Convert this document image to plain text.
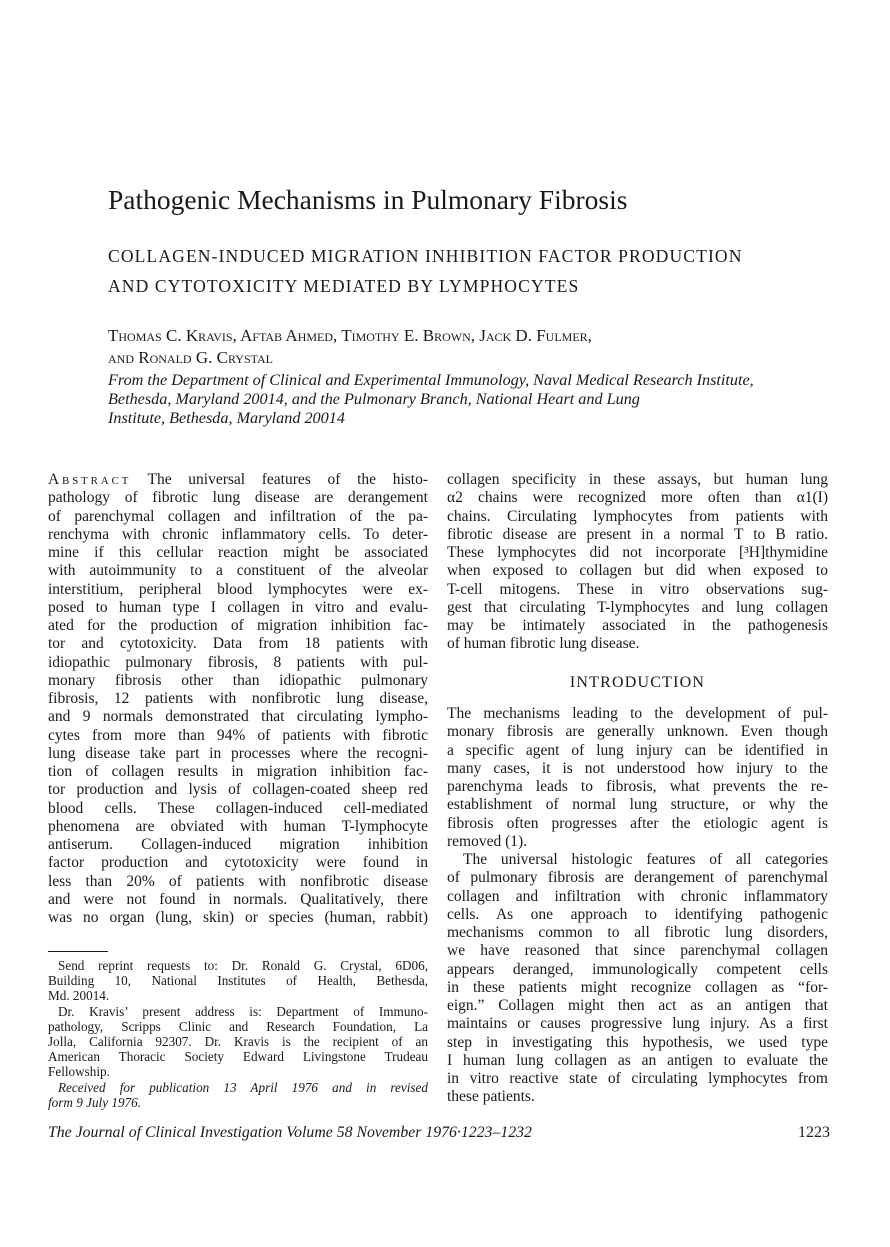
Pathogenic Mechanisms in Pulmonary Fibrosis
COLLAGEN-INDUCED MIGRATION INHIBITION FACTOR PRODUCTION
AND CYTOTOXICITY MEDIATED BY LYMPHOCYTES
Thomas C. Kravis, Aftab Ahmed, Timothy E. Brown, Jack D. Fulmer,
and Ronald G. Crystal
From the Department of Clinical and Experimental Immunology, Naval Medical Research Institute,
Bethesda, Maryland 20014, and the Pulmonary Branch, National Heart and Lung
Institute, Bethesda, Maryland 20014
Abstract The universal features of the histo-
pathology of fibrotic lung disease are derangement
of parenchymal collagen and infiltration of the pa-
renchyma with chronic inflammatory cells. To deter-
mine if this cellular reaction might be associated
with autoimmunity to a constituent of the alveolar
interstitium, peripheral blood lymphocytes were ex-
posed to human type I collagen in vitro and evalu-
ated for the production of migration inhibition fac-
tor and cytotoxicity. Data from 18 patients with
idiopathic pulmonary fibrosis, 8 patients with pul-
monary fibrosis other than idiopathic pulmonary
fibrosis, 12 patients with nonfibrotic lung disease,
and 9 normals demonstrated that circulating lympho-
cytes from more than 94% of patients with fibrotic
lung disease take part in processes where the recogni-
tion of collagen results in migration inhibition fac-
tor production and lysis of collagen-coated sheep red
blood cells. These collagen-induced cell-mediated
phenomena are obviated with human T-lymphocyte
antiserum. Collagen-induced migration inhibition
factor production and cytotoxicity were found in
less than 20% of patients with nonfibrotic disease
and were not found in normals. Qualitatively, there
was no organ (lung, skin) or species (human, rabbit)
collagen specificity in these assays, but human lung
α2 chains were recognized more often than α1(I)
chains. Circulating lymphocytes from patients with
fibrotic disease are present in a normal T to B ratio.
These lymphocytes did not incorporate [³H]thymidine
when exposed to collagen but did when exposed to
T-cell mitogens. These in vitro observations sug-
gest that circulating T-lymphocytes and lung collagen
may be intimately associated in the pathogenesis
of human fibrotic lung disease.
INTRODUCTION
The mechanisms leading to the development of pul-
monary fibrosis are generally unknown. Even though
a specific agent of lung injury can be identified in
many cases, it is not understood how injury to the
parenchyma leads to fibrosis, what prevents the re-
establishment of normal lung structure, or why the
fibrosis often progresses after the etiologic agent is
removed (1).
The universal histologic features of all categories
of pulmonary fibrosis are derangement of parenchymal
collagen and infiltration with chronic inflammatory
cells. As one approach to identifying pathogenic
mechanisms common to all fibrotic lung disorders,
we have reasoned that since parenchymal collagen
appears deranged, immunologically competent cells
in these patients might recognize collagen as “for-
eign.” Collagen might then act as an antigen that
maintains or causes progressive lung injury. As a first
step in investigating this hypothesis, we used type
I human lung collagen as an antigen to evaluate the
in vitro reactive state of circulating lymphocytes from
these patients.
Send reprint requests to: Dr. Ronald G. Crystal, 6D06,
Building 10, National Institutes of Health, Bethesda,
Md. 20014.
Dr. Kravis’ present address is: Department of Immuno-
pathology, Scripps Clinic and Research Foundation, La
Jolla, California 92307. Dr. Kravis is the recipient of an
American Thoracic Society Edward Livingstone Trudeau
Fellowship.
Received for publication 13 April 1976 and in revised
form 9 July 1976.
The Journal of Clinical Investigation Volume 58 November 1976·1223–1232	1223
